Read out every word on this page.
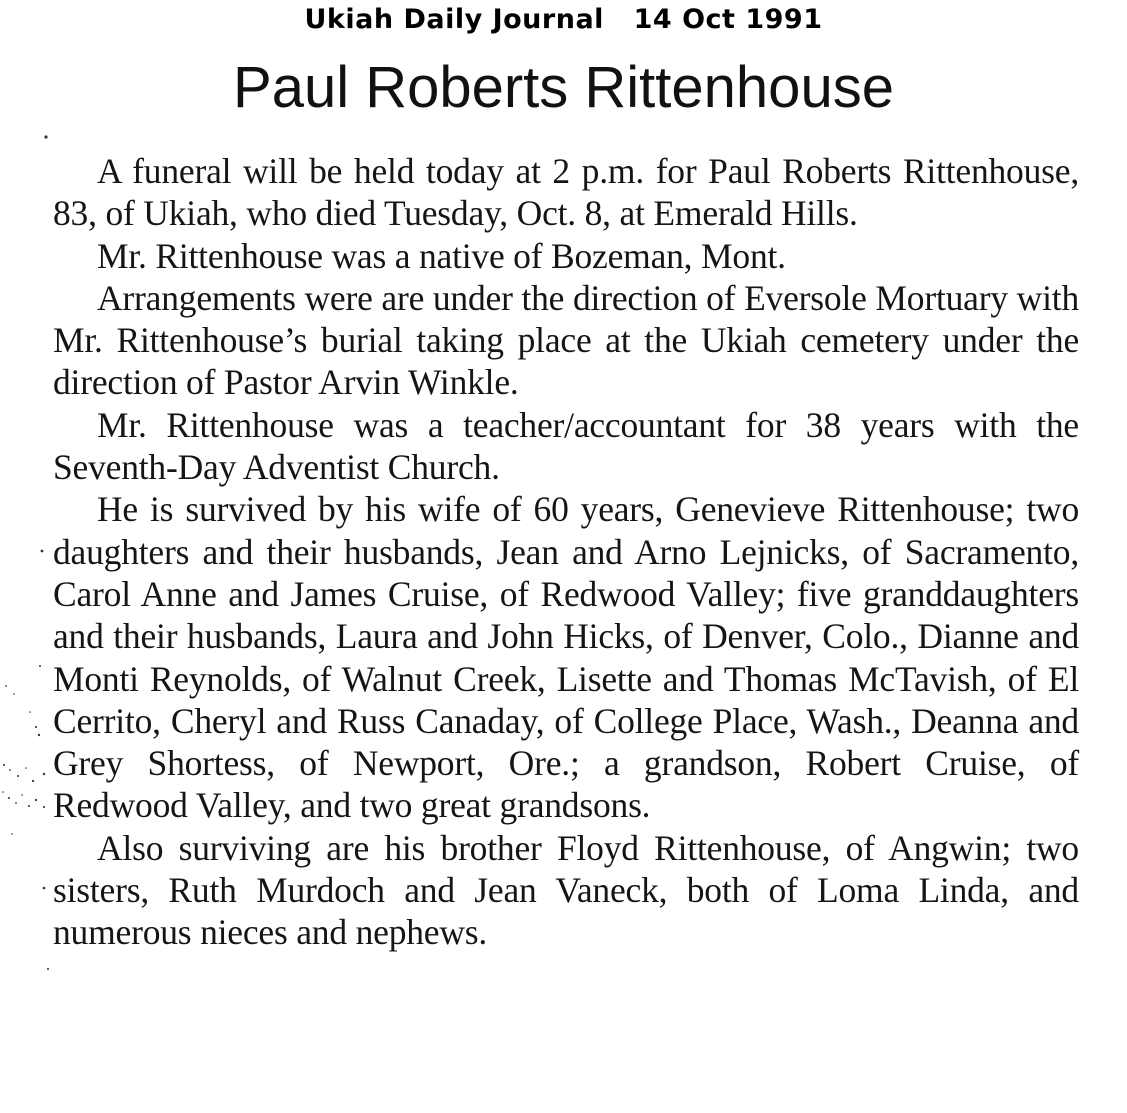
Ukiah Daily Journal 14 Oct 1991
Paul Roberts Rittenhouse

A funeral will be held today at 2 p.m. for Paul Roberts Rittenhouse, 83, of Ukiah, who died Tuesday, Oct. 8, at Emerald Hills.

Mr. Rittenhouse was a native of Bozeman, Mont.

Arrangements were are under the direction of Eversole Mortuary with Mr. Rittenhouse’s burial taking place at the Ukiah cemetery under the direction of Pastor Arvin Winkle.

Mr. Rittenhouse was a teacher/accountant for 38 years with the Seventh-Day Adventist Church.

He is survived by his wife of 60 years, Genevieve Rittenhouse; two daughters and their husbands, Jean and Arno Lejnicks, of Sacramento, Carol Anne and James Cruise, of Redwood Valley; five granddaughters and their husbands, Laura and John Hicks, of Denver, Colo., Dianne and Monti Reynolds, of Walnut Creek, Lisette and Thomas McTavish, of El Cerrito, Cheryl and Russ Canaday, of College Place, Wash., Deanna and Grey Shortess, of Newport, Ore.; a grandson, Robert Cruise, of Redwood Valley, and two great grandsons.

Also surviving are his brother Floyd Rittenhouse, of Angwin; two sisters, Ruth Murdoch and Jean Vaneck, both of Loma Linda, and numerous nieces and nephews.
